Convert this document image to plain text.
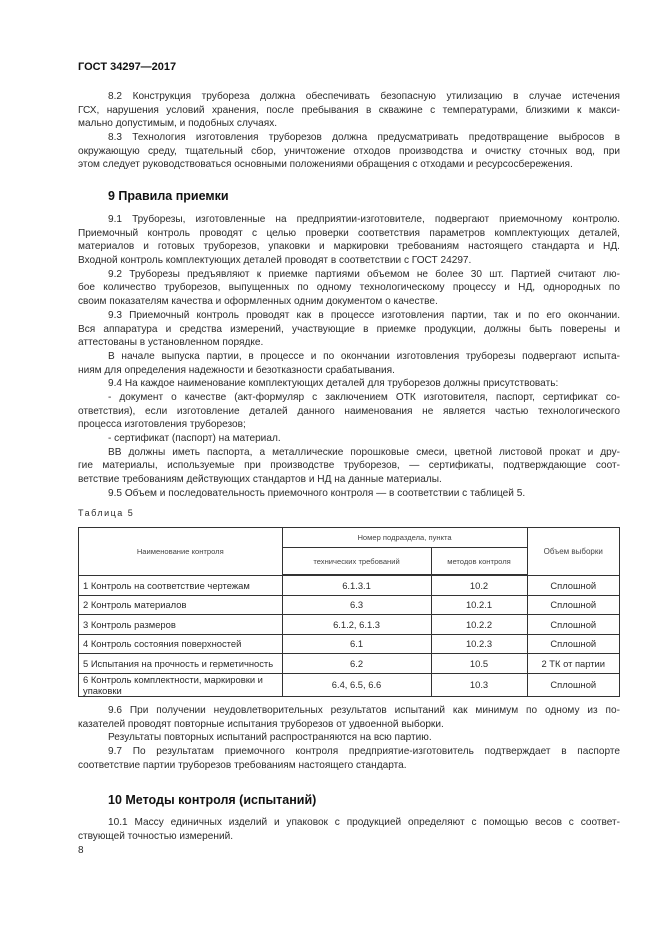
ГОСТ 34297—2017
8.2 Конструкция трубореза должна обеспечивать безопасную утилизацию в случае истечения
ГСХ, нарушения условий хранения, после пребывания в скважине с температурами, близкими к макси-
мально допустимым, и подобных случаях.
8.3 Технология изготовления труборезов должна предусматривать предотвращение выбросов в
окружающую среду, тщательный сбор, уничтожение отходов производства и очистку сточных вод, при
этом следует руководствоваться основными положениями обращения с отходами и ресурсосбережения.
9 Правила приемки
9.1 Труборезы, изготовленные на предприятии-изготовителе, подвергают приемочному контролю.
Приемочный контроль проводят с целью проверки соответствия параметров комплектующих деталей,
материалов и готовых труборезов, упаковки и маркировки требованиям настоящего стандарта и НД.
Входной контроль комплектующих деталей проводят в соответствии с ГОСТ 24297.
9.2 Труборезы предъявляют к приемке партиями объемом не более 30 шт. Партией считают лю-
бое количество труборезов, выпущенных по одному технологическому процессу и НД, однородных по
своим показателям качества и оформленных одним документом о качестве.
9.3 Приемочный контроль проводят как в процессе изготовления партии, так и по его окончании.
Вся аппаратура и средства измерений, участвующие в приемке продукции, должны быть поверены и
аттестованы в установленном порядке.
В начале выпуска партии, в процессе и по окончании изготовления труборезы подвергают испыта-
ниям для определения надежности и безотказности срабатывания.
9.4 На каждое наименование комплектующих деталей для труборезов должны присутствовать:
- документ о качестве (акт-формуляр с заключением ОТК изготовителя, паспорт, сертификат со-
ответствия), если изготовление деталей данного наименования не является частью технологического
процесса изготовления труборезов;
- сертификат (паспорт) на материал.
ВВ должны иметь паспорта, а металлические порошковые смеси, цветной листовой прокат и дру-
гие материалы, используемые при производстве труборезов, — сертификаты, подтверждающие соот-
ветствие требованиям действующих стандартов и НД на данные материалы.
9.5 Объем и последовательность приемочного контроля — в соответствии с таблицей 5.
Таблица 5
Наименование контроля	Номер подраздела, пункта		Объем выборки
	технических требований	методов контроля	
1 Контроль на соответствие чертежам	6.1.3.1	10.2	Сплошной
2 Контроль материалов	6.3	10.2.1	Сплошной
3 Контроль размеров	6.1.2, 6.1.3	10.2.2	Сплошной
4 Контроль состояния поверхностей	6.1	10.2.3	Сплошной
5 Испытания на прочность и герметичность	6.2	10.5	2 ТК от партии
6 Контроль комплектности, маркировки и упаковки	6.4, 6.5, 6.6	10.3	Сплошной
9.6 При получении неудовлетворительных результатов испытаний как минимум по одному из по-
казателей проводят повторные испытания труборезов от удвоенной выборки.
Результаты повторных испытаний распространяются на всю партию.
9.7 По результатам приемочного контроля предприятие-изготовитель подтверждает в паспорте
соответствие партии труборезов требованиям настоящего стандарта.
10 Методы контроля (испытаний)
10.1 Массу единичных изделий и упаковок с продукцией определяют с помощью весов с соответ-
ствующей точностью измерений.
8
